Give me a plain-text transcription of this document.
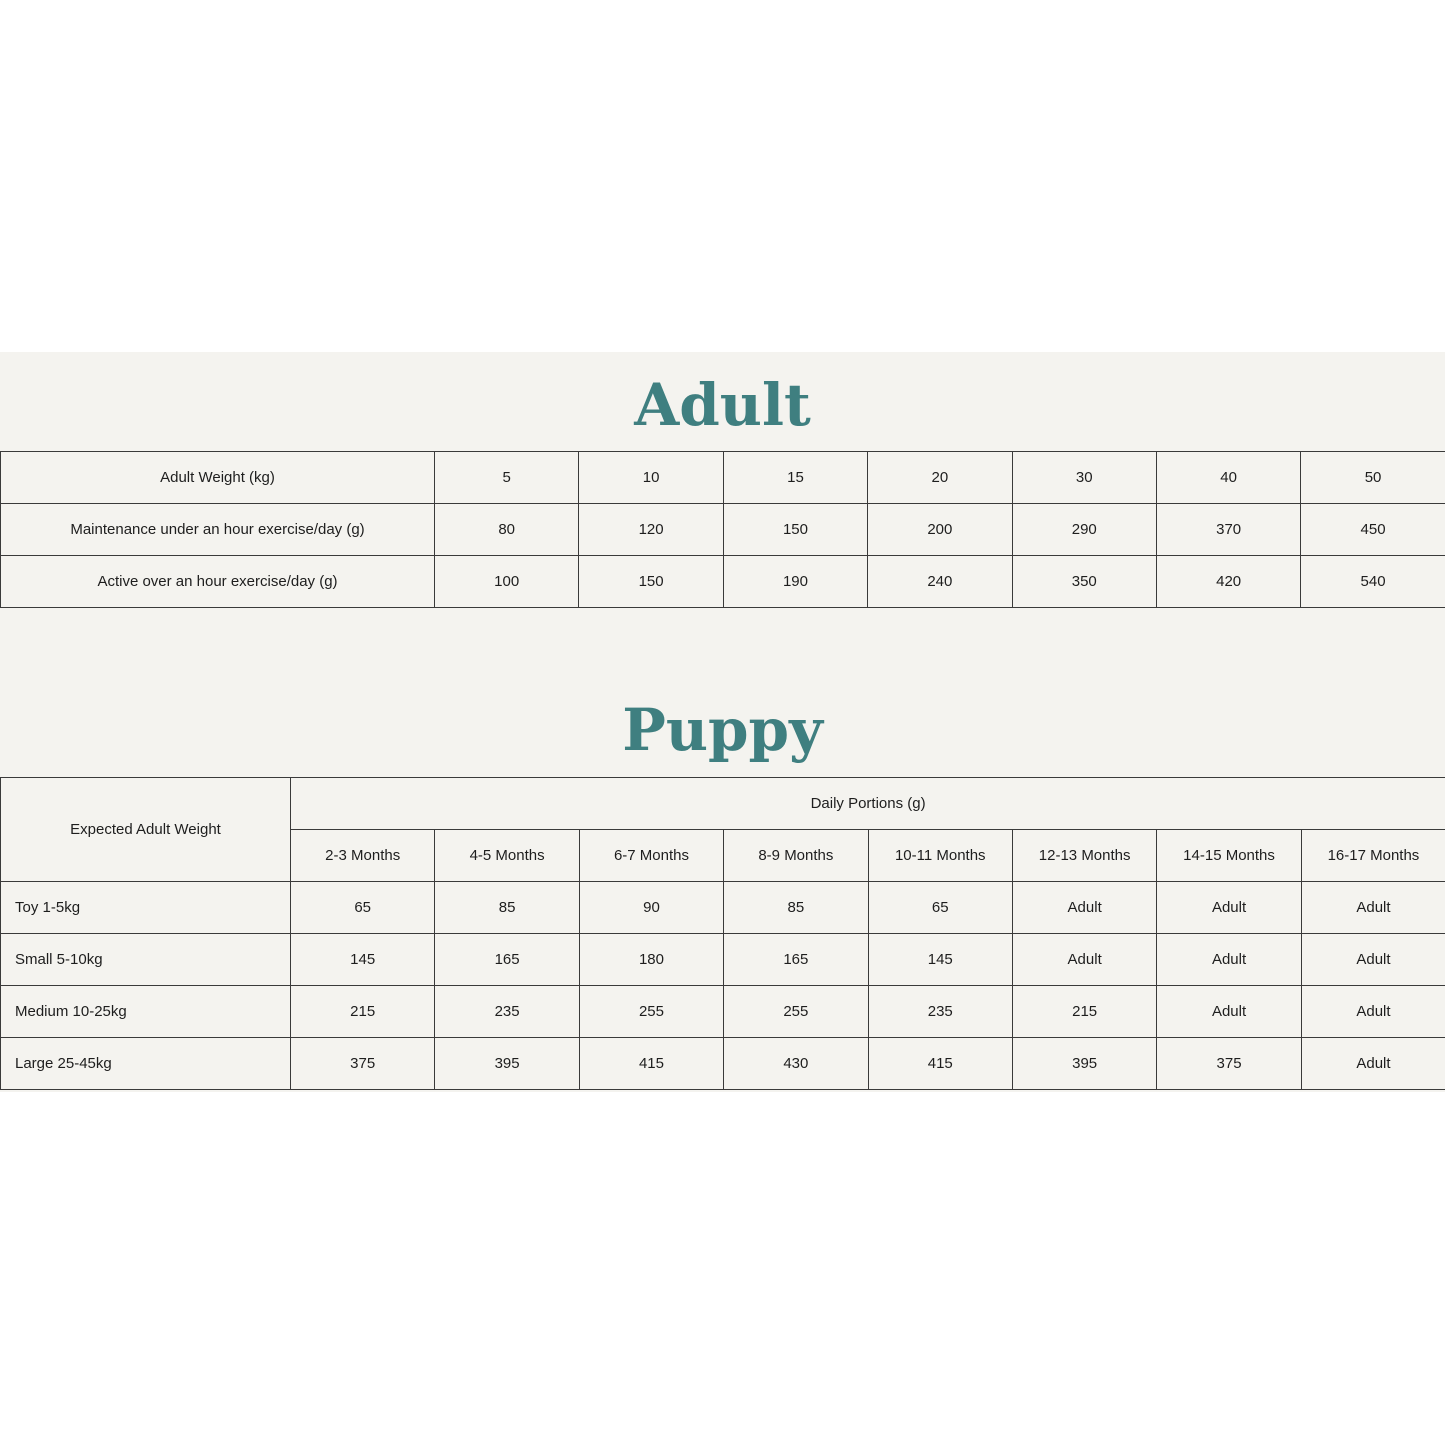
Adult
Adult Weight (kg)	5	10	15	20	30	40	50
Maintenance under an hour exercise/day (g)	80	120	150	200	290	370	450
Active over an hour exercise/day (g)	100	150	190	240	350	420	540
Puppy
Expected Adult Weight	Daily Portions (g)							
	2-3 Months	4-5 Months	6-7 Months	8-9 Months	10-11 Months	12-13 Months	14-15 Months	16-17 Months
Toy 1-5kg	65	85	90	85	65	Adult	Adult	Adult
Small 5-10kg	145	165	180	165	145	Adult	Adult	Adult
Medium 10-25kg	215	235	255	255	235	215	Adult	Adult
Large 25-45kg	375	395	415	430	415	395	375	Adult
